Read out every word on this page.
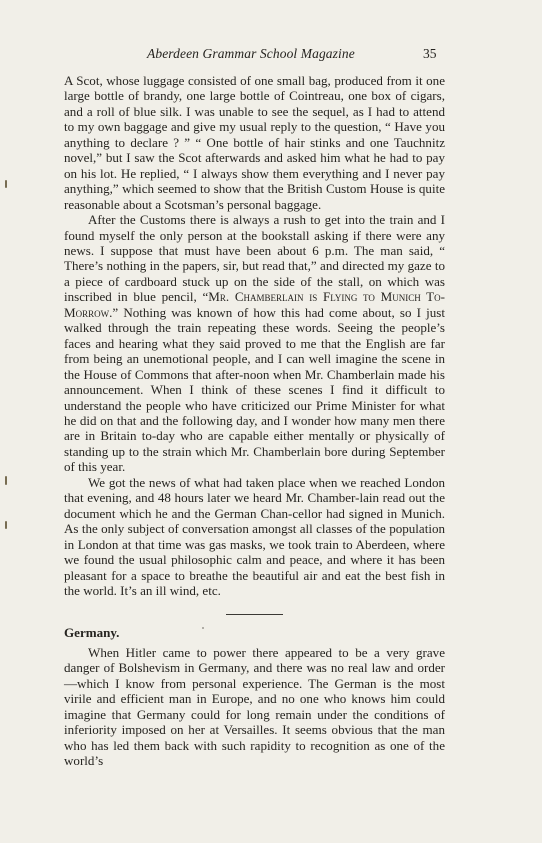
Aberdeen Grammar School Magazine	35

A Scot, whose luggage consisted of one small bag, produced from it one large bottle of brandy, one large bottle of Cointreau, one box of cigars, and a roll of blue silk. I was unable to see the sequel, as I had to attend to my own baggage and give my usual reply to the question, “ Have you anything to declare ? ” “ One bottle of hair stinks and one Tauchnitz novel,” but I saw the Scot afterwards and asked him what he had to pay on his lot. He replied, “ I always show them everything and I never pay anything,” which seemed to show that the British Custom House is quite reasonable about a Scotsman’s personal baggage.

After the Customs there is always a rush to get into the train and I found myself the only person at the bookstall asking if there were any news. I suppose that must have been about 6 p.m. The man said, “ There’s nothing in the papers, sir, but read that,” and directed my gaze to a piece of cardboard stuck up on the side of the stall, on which was inscribed in blue pencil, “Mr. Chamberlain is Flying to Munich To-Morrow.” Nothing was known of how this had come about, so I just walked through the train repeating these words. Seeing the people’s faces and hearing what they said proved to me that the English are far from being an unemotional people, and I can well imagine the scene in the House of Commons that after-noon when Mr. Chamberlain made his announcement. When I think of these scenes I find it difficult to understand the people who have criticized our Prime Minister for what he did on that and the following day, and I wonder how many men there are in Britain to-day who are capable either mentally or physically of standing up to the strain which Mr. Chamberlain bore during September of this year.

We got the news of what had taken place when we reached London that evening, and 48 hours later we heard Mr. Chamber-lain read out the document which he and the German Chan-cellor had signed in Munich. As the only subject of conversation amongst all classes of the population in London at that time was gas masks, we took train to Aberdeen, where we found the usual philosophic calm and peace, and where it has been pleasant for a space to breathe the beautiful air and eat the best fish in the world. It’s an ill wind, etc.

Germany.

When Hitler came to power there appeared to be a very grave danger of Bolshevism in Germany, and there was no real law and order—which I know from personal experience. The German is the most virile and efficient man in Europe, and no one who knows him could imagine that Germany could for long remain under the conditions of inferiority imposed on her at Versailles. It seems obvious that the man who has led them back with such rapidity to recognition as one of the world’s
